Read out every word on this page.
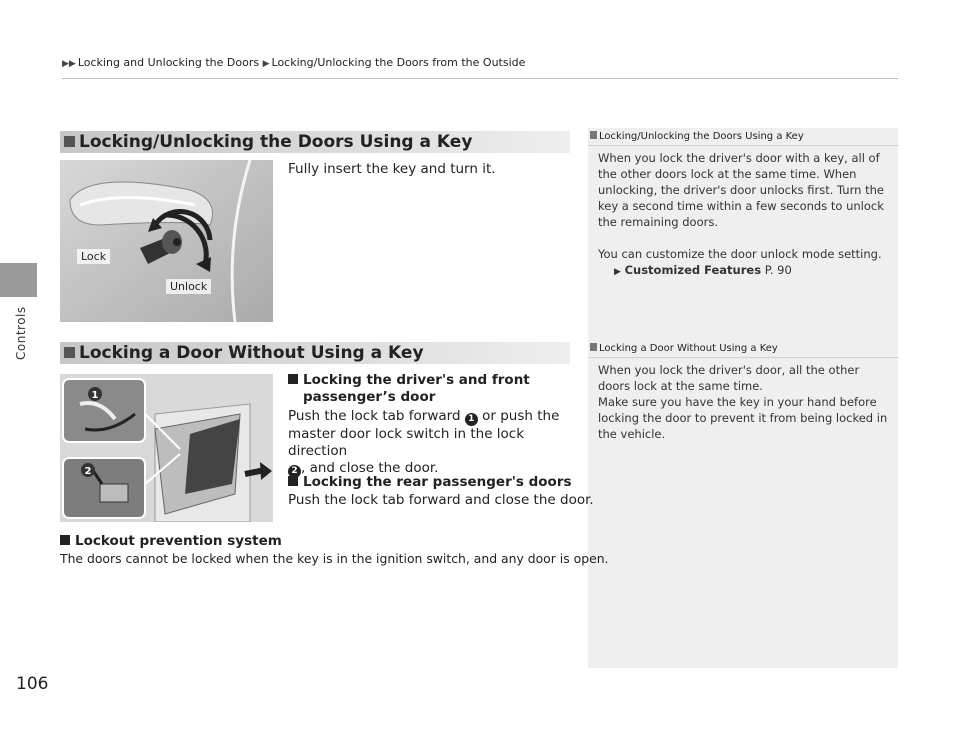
Controls
106
▶▶ Locking and Unlocking the Doors ▶ Locking/Unlocking the Doors from the Outside
Locking/Unlocking the Doors Using a Key
When you lock the driver's door with a key, all of the other doors lock at the same time. When unlocking, the driver's door unlocks first. Turn the key a second time within a few seconds to unlock the remaining doors.
You can customize the door unlock mode setting.
▶ Customized Features P. 90
Locking a Door Without Using a Key
When you lock the driver's door, all the other doors lock at the same time.
Make sure you have the key in your hand before locking the door to prevent it from being locked in the vehicle.
Locking/Unlocking the Doors Using a Key
Lock
Unlock
Fully insert the key and turn it.
Locking a Door Without Using a Key
1
2
Locking the driver's and front
passenger’s door
Push the lock tab forward 1 or push the
master door lock switch in the lock direction
2 , and close the door.
Locking the rear passenger's doors
Push the lock tab forward and close the door.
Lockout prevention system
The doors cannot be locked when the key is in the ignition switch, and any door is open.
